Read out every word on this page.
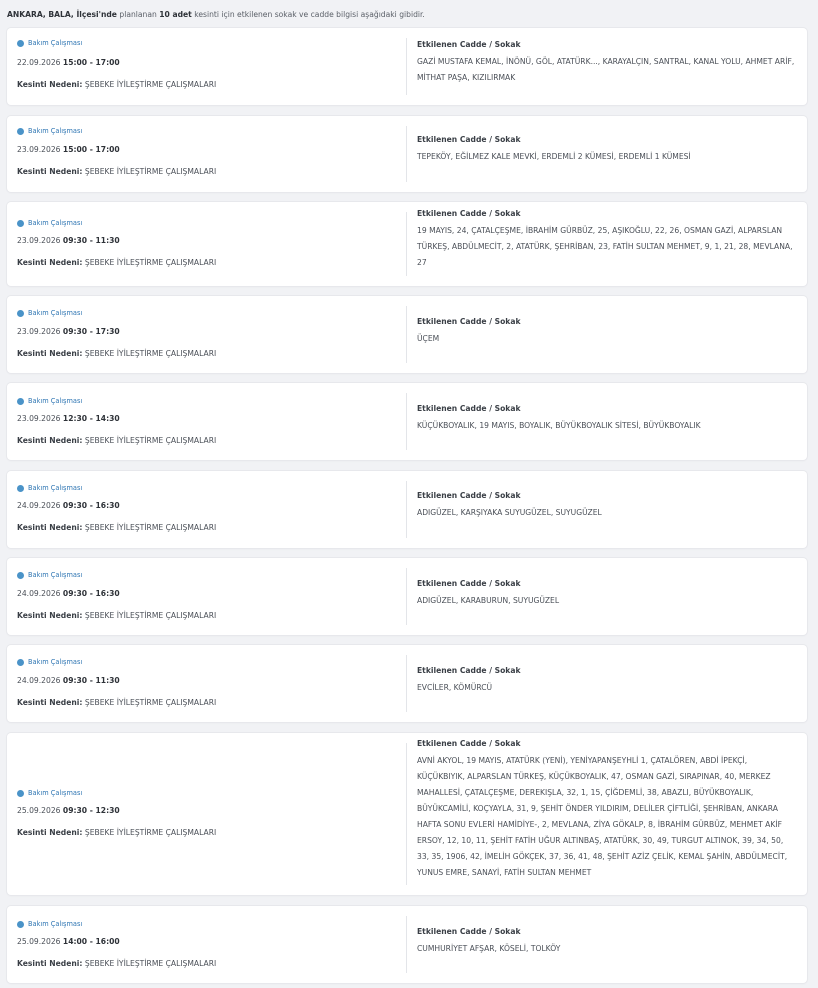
ANKARA, BALA, İlçesi'nde planlanan 10 adet kesinti için etkilenen sokak ve cadde bilgisi aşağıdaki gibidir.
Bakım Çalışması
22.09.2026 15:00 - 17:00
Kesinti Nedeni: ŞEBEKE İYİLEŞTİRME ÇALIŞMALARI
Etkilenen Cadde / Sokak
GAZİ MUSTAFA KEMAL, İNÖNÜ, GÖL, ATATÜRK..., KARAYALÇIN, SANTRAL, KANAL YOLU, AHMET ARİF, MİTHAT PAŞA, KIZILIRMAK
Bakım Çalışması
23.09.2026 15:00 - 17:00
Kesinti Nedeni: ŞEBEKE İYİLEŞTİRME ÇALIŞMALARI
Etkilenen Cadde / Sokak
TEPEKÖY, EĞİLMEZ KALE MEVKİ, ERDEMLİ 2 KÜMESİ, ERDEMLİ 1 KÜMESİ
Bakım Çalışması
23.09.2026 09:30 - 11:30
Kesinti Nedeni: ŞEBEKE İYİLEŞTİRME ÇALIŞMALARI
Etkilenen Cadde / Sokak
19 MAYIS, 24, ÇATALÇEŞME, İBRAHİM GÜRBÜZ, 25, AŞIKOĞLU, 22, 26, OSMAN GAZİ, ALPARSLAN TÜRKEŞ, ABDÜLMECİT, 2, ATATÜRK, ŞEHRİBAN, 23, FATİH SULTAN MEHMET, 9, 1, 21, 28, MEVLANA, 27
Bakım Çalışması
23.09.2026 09:30 - 17:30
Kesinti Nedeni: ŞEBEKE İYİLEŞTİRME ÇALIŞMALARI
Etkilenen Cadde / Sokak
ÜÇEM
Bakım Çalışması
23.09.2026 12:30 - 14:30
Kesinti Nedeni: ŞEBEKE İYİLEŞTİRME ÇALIŞMALARI
Etkilenen Cadde / Sokak
KÜÇÜKBOYALIK, 19 MAYIS, BOYALIK, BÜYÜKBOYALIK SİTESİ, BÜYÜKBOYALIK
Bakım Çalışması
24.09.2026 09:30 - 16:30
Kesinti Nedeni: ŞEBEKE İYİLEŞTİRME ÇALIŞMALARI
Etkilenen Cadde / Sokak
ADIGÜZEL, KARŞIYAKA SUYUGÜZEL, SUYUGÜZEL
Bakım Çalışması
24.09.2026 09:30 - 16:30
Kesinti Nedeni: ŞEBEKE İYİLEŞTİRME ÇALIŞMALARI
Etkilenen Cadde / Sokak
ADIGÜZEL, KARABURUN, SUYUGÜZEL
Bakım Çalışması
24.09.2026 09:30 - 11:30
Kesinti Nedeni: ŞEBEKE İYİLEŞTİRME ÇALIŞMALARI
Etkilenen Cadde / Sokak
EVCİLER, KÖMÜRCÜ
Bakım Çalışması
25.09.2026 09:30 - 12:30
Kesinti Nedeni: ŞEBEKE İYİLEŞTİRME ÇALIŞMALARI
Etkilenen Cadde / Sokak
AVNİ AKYOL, 19 MAYIS, ATATÜRK (YENİ), YENİYAPANŞEYHLİ 1, ÇATALÖREN, ABDİ İPEKÇİ, KÜÇÜKBIYIK, ALPARSLAN TÜRKEŞ, KÜÇÜKBOYALIK, 47, OSMAN GAZİ, SIRAPINAR, 40, MERKEZ MAHALLESİ, ÇATALÇEŞME, DEREKIŞLA, 32, 1, 15, ÇİĞDEMLİ, 38, ABAZLI, BÜYÜKBOYALIK, BÜYÜKCAMİLİ, KOÇYAYLA, 31, 9, ŞEHİT ÖNDER YILDIRIM, DELİLER ÇİFTLİĞİ, ŞEHRİBAN, ANKARA HAFTA SONU EVLERİ HAMİDİYE-, 2, MEVLANA, ZİYA GÖKALP, 8, İBRAHİM GÜRBÜZ, MEHMET AKİF ERSOY, 12, 10, 11, ŞEHİT FATİH UĞUR ALTINBAŞ, ATATÜRK, 30, 49, TURGUT ALTINOK, 39, 34, 50, 33, 35, 1906, 42, İMELİH GÖKÇEK, 37, 36, 41, 48, ŞEHİT AZİZ ÇELİK, KEMAL ŞAHİN, ABDÜLMECİT, YUNUS EMRE, SANAYİ, FATİH SULTAN MEHMET
Bakım Çalışması
25.09.2026 14:00 - 16:00
Kesinti Nedeni: ŞEBEKE İYİLEŞTİRME ÇALIŞMALARI
Etkilenen Cadde / Sokak
CUMHURİYET AFŞAR, KÖSELİ, TOLKÖY
